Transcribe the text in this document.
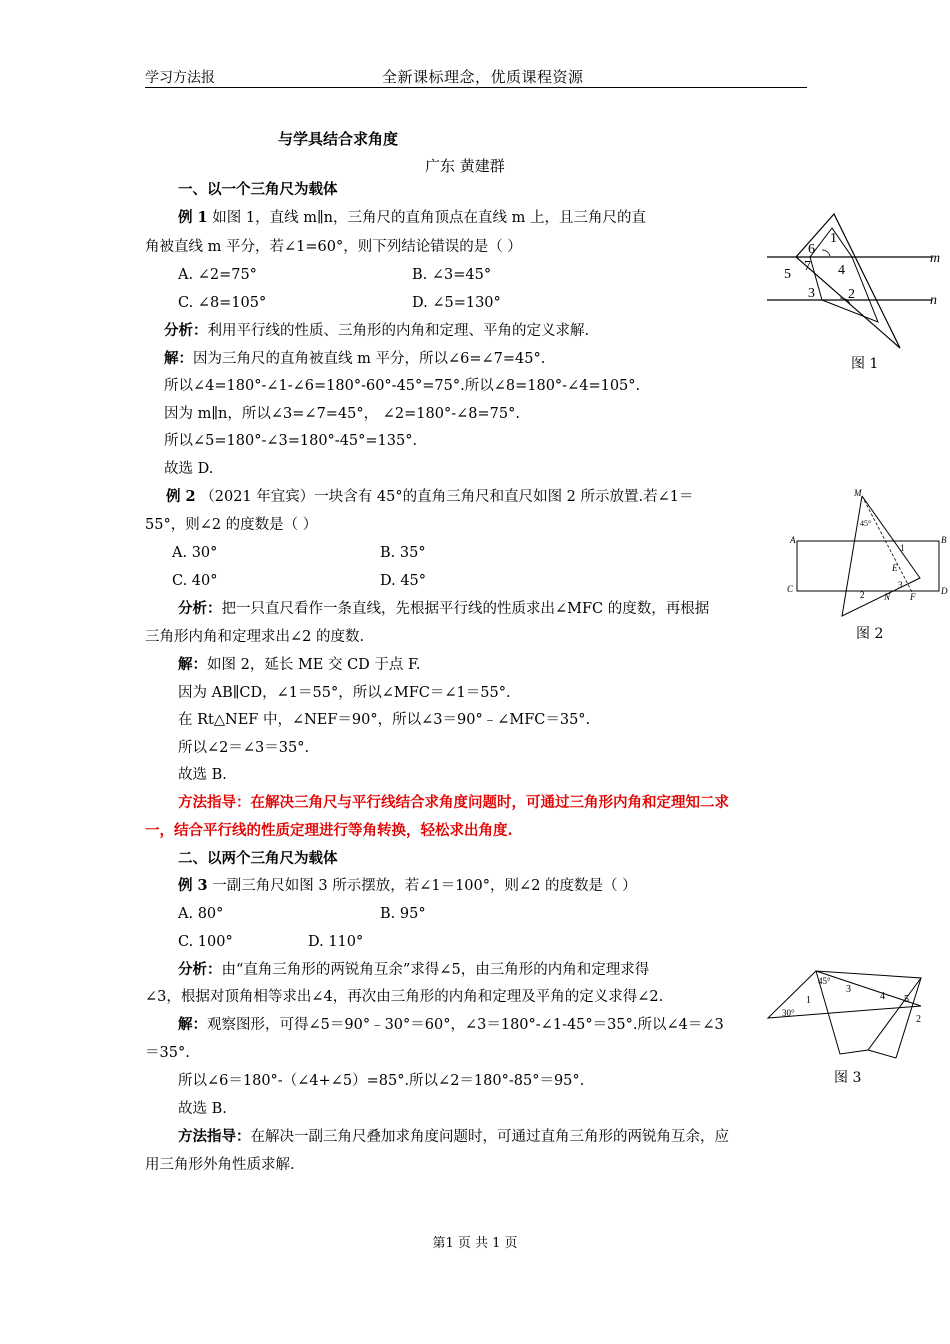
学习方法报	全新课标理念，优质课程资源
与学具结合求角度
广东 黄建群
一、以一个三角尺为载体
例 1 如图 1，直线 m∥n，三角尺的直角顶点在直线 m 上，且三角尺的直
角被直线 m 平分，若∠1=60°，则下列结论错误的是（ ）
A. ∠2=75°	B. ∠3=45°
C. ∠8=105°	D. ∠5=130°
分析：利用平行线的性质、三角形的内角和定理、平角的定义求解.
解：因为三角尺的直角被直线 m 平分，所以∠6=∠7=45°.
所以∠4=180°-∠1-∠6=180°-60°-45°=75°.所以∠8=180°-∠4=105°.
因为 m∥n，所以∠3=∠7=45°， ∠2=180°-∠8=75°.
所以∠5=180°-∠3=180°-45°=135°.
故选 D.
例 2 （2021 年宜宾）一块含有 45°的直角三角尺和直尺如图 2 所示放置.若∠1＝
55°，则∠2 的度数是（ ）
A. 30°	B. 35°
C. 40°	D. 45°
分析：把一只直尺看作一条直线，先根据平行线的性质求出∠MFC 的度数，再根据
三角形内角和定理求出∠2 的度数.
解：如图 2，延长 ME 交 CD 于点 F.
因为 AB∥CD，∠1＝55°，所以∠MFC＝∠1＝55°.
在 Rt△NEF 中，∠NEF＝90°，所以∠3＝90°﹣∠MFC＝35°.
所以∠2＝∠3＝35°.
故选 B.
方法指导：在解决三角尺与平行线结合求角度问题时，可通过三角形内角和定理知二求
一，结合平行线的性质定理进行等角转换，轻松求出角度.
二、以两个三角尺为载体
例 3 一副三角尺如图 3 所示摆放，若∠1＝100°，则∠2 的度数是（ ）
A. 80°	B. 95°
C. 100°	D. 110°
分析：由“直角三角形的两锐角互余”求得∠5，由三角形的内角和定理求得
∠3，根据对顶角相等求出∠4，再次由三角形的内角和定理及平角的定义求得∠2.
解：观察图形，可得∠5＝90°﹣30°＝60°，∠3＝180°-∠1-45°＝35°.所以∠4＝∠3
＝35°.
所以∠6＝180°-（∠4+∠5）=85°.所以∠2＝180°-85°＝95°.
故选 B.
方法指导：在解决一副三角尺叠加求角度问题时，可通过直角三角形的两锐角互余，应
用三角形外角性质求解.
1
6
7
5	4
3 2
m
n
图 1
M
45°
A	B
C	D
1
E
3
2 N F
图 2
45°
30°
1
3
4 5
2
图 3
第1 页 共 1 页
